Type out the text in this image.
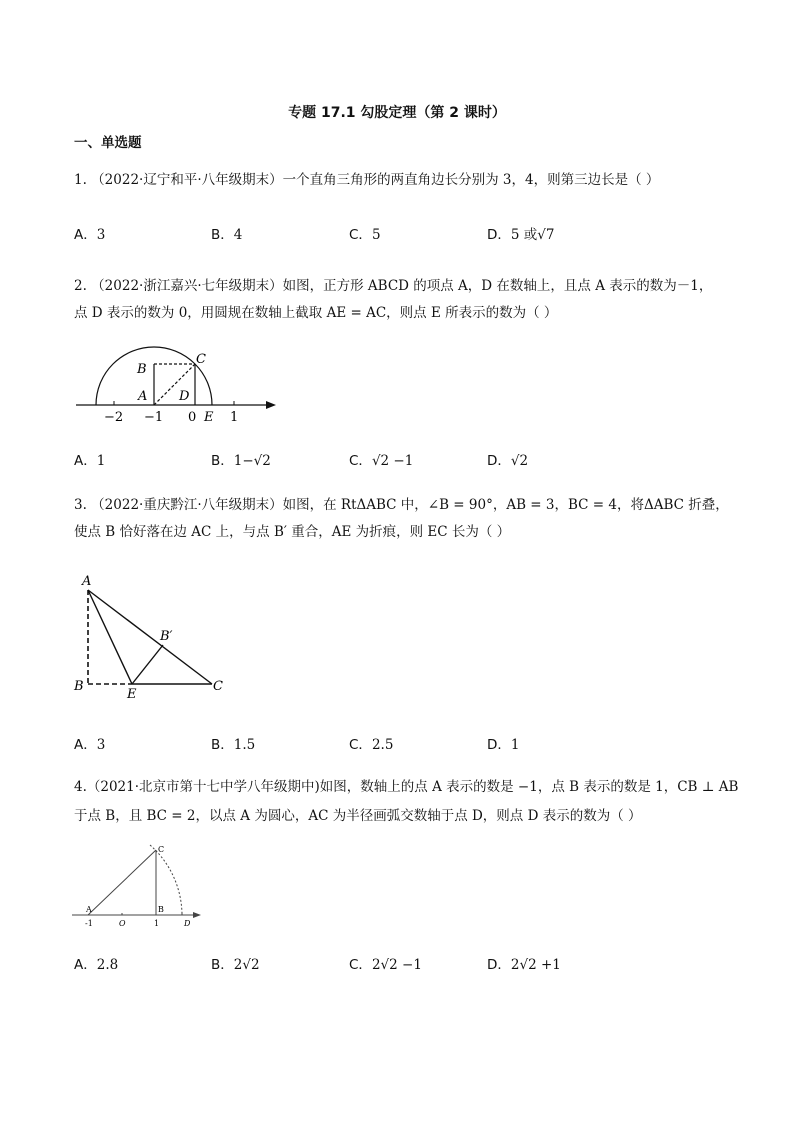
专题 17.1 勾股定理（第 2 课时）
一、单选题
1. （2022·辽宁和平·八年级期末）一个直角三角形的两直角边长分别为 3，4，则第三边长是（ ）
A．3	B．4	C．5	D．5 或√7
2. （2022·浙江嘉兴·七年级期末）如图，正方形 ABCD 的项点 A，D 在数轴上，且点 A 表示的数为－1，
点 D 表示的数为 0，用圆规在数轴上截取 AE = AC，则点 E 所表示的数为（ ）
B
C
A D
E
−2 −1 0	1
A．1	B．1−√2	C．√2 −1	D．√2
3. （2022·重庆黔江·八年级期末）如图，在 RtΔABC 中，∠B = 90°，AB = 3，BC = 4，将ΔABC 折叠，
使点 B 恰好落在边 AC 上，与点 B′ 重合，AE 为折痕，则 EC 长为（ ）
A
B
B′
C
E
A．3	B．1.5	C．2.5	D．1
4.（2021·北京市第十七中学八年级期中)如图，数轴上的点 A 表示的数是 −1，点 B 表示的数是 1，CB ⊥ AB
于点 B，且 BC = 2，以点 A 为圆心，AC 为半径画弧交数轴于点 D，则点 D 表示的数为（ ）
C
A	B
D
-1	O	1
A．2.8	B．2√2	C．2√2 −1	D．2√2 +1
